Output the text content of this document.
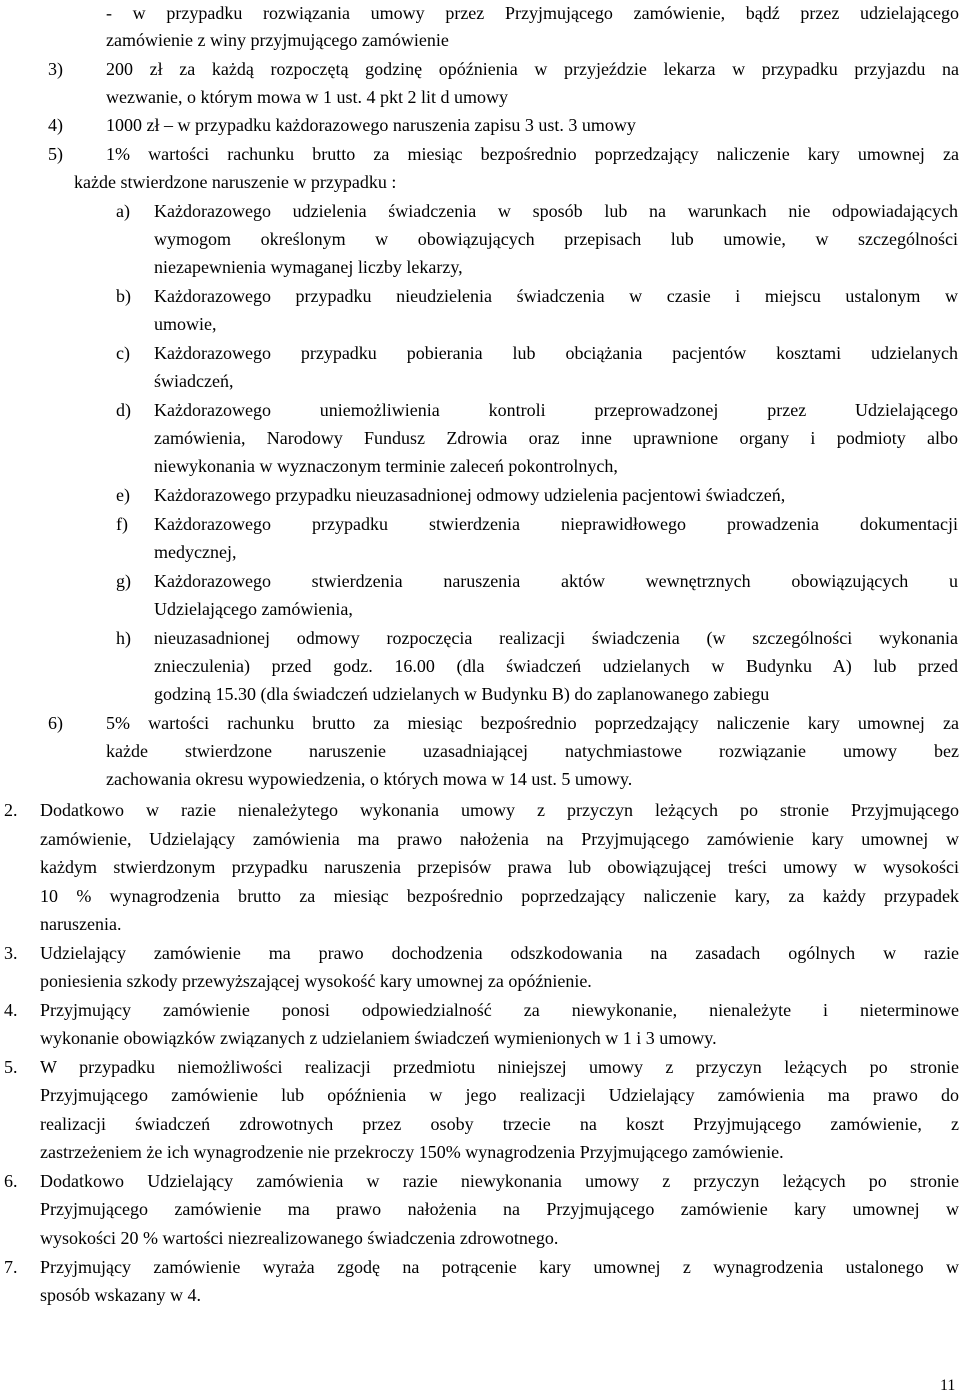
- w przypadku rozwiązania umowy przez Przyjmującego zamówienie, bądź przez udzielającego
zamówienie z winy przyjmującego zamówienie
3) 200 zł za każdą rozpoczętą godzinę opóźnienia w przyjeździe lekarza w przypadku przyjazdu na
wezwanie, o którym mowa w 1 ust. 4 pkt 2 lit d umowy
4) 1000 zł – w przypadku każdorazowego naruszenia zapisu 3 ust. 3 umowy
5) 1% wartości rachunku brutto za miesiąc bezpośrednio poprzedzający naliczenie kary umownej za
każde stwierdzone naruszenie w przypadku :
a) Każdorazowego udzielenia świadczenia w sposób lub na warunkach nie odpowiadających
wymogom określonym w obowiązujących przepisach lub umowie, w szczególności
niezapewnienia wymaganej liczby lekarzy,
b) Każdorazowego przypadku nieudzielenia świadczenia w czasie i miejscu ustalonym w
umowie,
c) Każdorazowego przypadku pobierania lub obciążania pacjentów kosztami udzielanych
świadczeń,
d) Każdorazowego uniemożliwienia kontroli przeprowadzonej przez Udzielającego
zamówienia, Narodowy Fundusz Zdrowia oraz inne uprawnione organy i podmioty albo
niewykonania w wyznaczonym terminie zaleceń pokontrolnych,
e) Każdorazowego przypadku nieuzasadnionej odmowy udzielenia pacjentowi świadczeń,
f) Każdorazowego przypadku stwierdzenia nieprawidłowego prowadzenia dokumentacji
medycznej,
g) Każdorazowego stwierdzenia naruszenia aktów wewnętrznych obowiązujących u
Udzielającego zamówienia,
h) nieuzasadnionej odmowy rozpoczęcia realizacji świadczenia (w szczególności wykonania
znieczulenia) przed godz. 16.00 (dla świadczeń udzielanych w Budynku A) lub przed
godziną 15.30 (dla świadczeń udzielanych w Budynku B) do zaplanowanego zabiegu
6) 5% wartości rachunku brutto za miesiąc bezpośrednio poprzedzający naliczenie kary umownej za
każde stwierdzone naruszenie uzasadniającej natychmiastowe rozwiązanie umowy bez
zachowania okresu wypowiedzenia, o których mowa w 14 ust. 5 umowy.
2. Dodatkowo w razie nienależytego wykonania umowy z przyczyn leżących po stronie Przyjmującego
zamówienie, Udzielający zamówienia ma prawo nałożenia na Przyjmującego zamówienie kary umownej w
każdym stwierdzonym przypadku naruszenia przepisów prawa lub obowiązującej treści umowy w wysokości
10 % wynagrodzenia brutto za miesiąc bezpośrednio poprzedzający naliczenie kary, za każdy przypadek
naruszenia.
3. Udzielający zamówienie ma prawo dochodzenia odszkodowania na zasadach ogólnych w razie
poniesienia szkody przewyższającej wysokość kary umownej za opóźnienie.
4. Przyjmujący zamówienie ponosi odpowiedzialność za niewykonanie, nienależyte i nieterminowe
wykonanie obowiązków związanych z udzielaniem świadczeń wymienionych w 1 i 3 umowy.
5. W przypadku niemożliwości realizacji przedmiotu niniejszej umowy z przyczyn leżących po stronie
Przyjmującego zamówienie lub opóźnienia w jego realizacji Udzielający zamówienia ma prawo do
realizacji świadczeń zdrowotnych przez osoby trzecie na koszt Przyjmującego zamówienie, z
zastrzeżeniem że ich wynagrodzenie nie przekroczy 150% wynagrodzenia Przyjmującego zamówienie.
6. Dodatkowo Udzielający zamówienia w razie niewykonania umowy z przyczyn leżących po stronie
Przyjmującego zamówienie ma prawo nałożenia na Przyjmującego zamówienie kary umownej w
wysokości 20 % wartości niezrealizowanego świadczenia zdrowotnego.
7. Przyjmujący zamówienie wyraża zgodę na potrącenie kary umownej z wynagrodzenia ustalonego w
sposób wskazany w 4.
11
